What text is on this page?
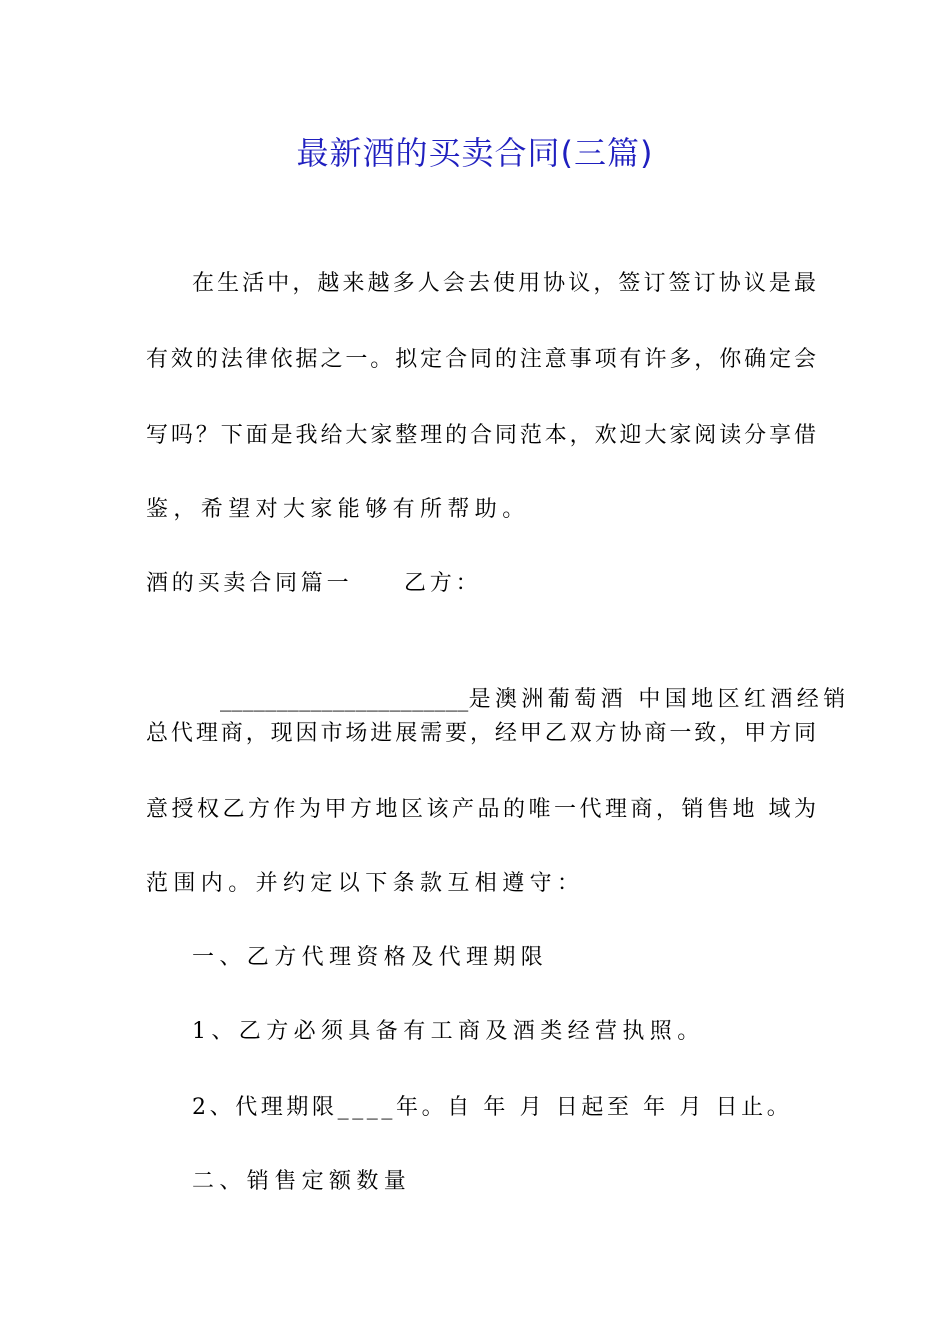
最新酒的买卖合同(三篇)
在生活中，越来越多人会去使用协议，签订签订协议是最
有效的法律依据之一。拟定合同的注意事项有许多，你确定会
写吗？下面是我给大家整理的合同范本，欢迎大家阅读分享借
鉴，希望对大家能够有所帮助。
酒的买卖合同篇一　　乙方：

______________________是澳洲葡萄酒 中国地区红酒经销

总代理商，现因市场进展需要，经甲乙双方协商一致，甲方同
意授权乙方作为甲方地区该产品的唯一代理商，销售地 域为
范围内。并约定以下条款互相遵守：
一、乙方代理资格及代理期限
1、乙方必须具备有工商及酒类经营执照。
2、代理期限____年。自 年 月 日起至 年 月 日止。
二、销售定额数量
